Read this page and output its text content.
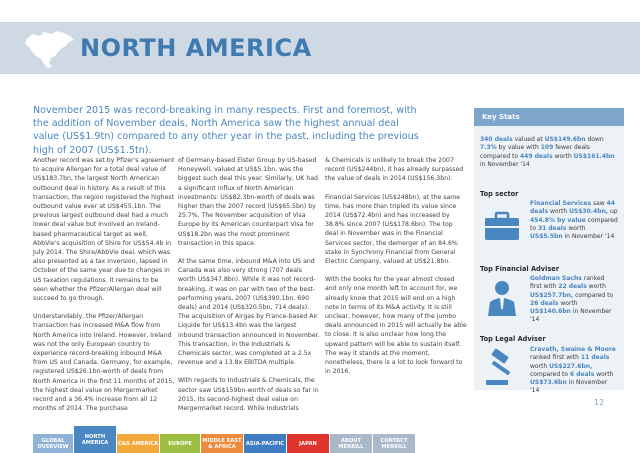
NORTH AMERICA
November 2015 was record-breaking in many respects. First and foremost, with the addition of November deals, North America saw the highest annual deal value (US$1.9tn) compared to any other year in the past, including the previous high of 2007 (US$1.5tn).

Another record was set by Pfizer's agreement to acquire Allergan for a total deal value of US$183.7bn, the largest North American outbound deal in history. As a result of this transaction, the region registered the highest outbound value ever at US$455.1bn. The previous largest outbound deal had a much lower deal value but involved an Ireland-based pharmaceutical target as well, AbbVie's acquisition of Shire for US$54.4b in July 2014. The Shire/AbbVie deal, which was also presented as a tax inversion, lapsed in October of the same year due to changes in US taxation regulations. It remains to be seen whether the Pfizer/Allergan deal will succeed to go through.

Understandably, the Pfizer/Allergan transaction has increased M&A flow from North America into Ireland. However, Ireland was not the only European country to experience record-breaking inbound M&A from US and Canada. Germany, for example, registered US$26.1bn-worth of deals from North America in the first 11 months of 2015, the highest deal value on Mergermarket record and a 36.4% increase from all 12 months of 2014. The purchase

of Germany-based Elster Group by US-based Honeywell, valued at US$5.1bn, was the biggest such deal this year. Similarly, UK had a significant influx of North American investments: US$82.3bn-worth of deals was higher than the 2007 record (US$65.5bn) by 25.7%. The November acquisition of Visa Europe by its American counterpart Visa for US$18.2bn was the most prominent transaction in this space.

At the same time, inbound M&A into US and Canada was also very strong (707 deals worth US$347.8bn). While it was not record-breaking, it was on par with two of the best-performing years, 2007 (US$390.1bn, 690 deals) and 2014 (US$320.5bn, 714 deals). The acquisition of Airgas by France-based Air Liquide for US$13.4bn was the largest inbound transaction announced in November. This transaction, in the Industrials & Chemicals sector, was completed at a 2.5x revenue and a 13.8x EBITDA multiple.

With regards to Industrials & Chemicals, the sector saw US$159bn-worth of deals so far in 2015, its second-highest deal value on Mergermarket record. While Industrials

& Chemicals is unlikely to break the 2007 record (US$244bn), it has already surpassed the value of deals in 2014 (US$156.3bn).

Financial Services (US$248bn), at the same time, has more than tripled its value since 2014 (US$72.4bn) and has increased by 38.8% since 2007 (US$178.6bn). The top deal in November was in the Financial Services sector, the demerger of an 84.6% stake in Synchrony Financial from General Electric Company, valued at US$21.8bn.

With the books for the year almost closed and only one month left to account for, we already know that 2015 will end on a high note in terms of its M&A activity. It is still unclear, however, how many of the jumbo deals announced in 2015 will actually be able to close. It is also unclear how long the upward pattern will be able to sustain itself. The way it stands at the moment, nonetheless, there is a lot to look forward to in 2016.

Key Stats
340 deals valued at US$149.6bn down 7.3% by value with 109 fewer deals compared to 449 deals worth US$161.4bn in November '14
Top sector
Financial Services saw 44 deals worth US$30.4bn, up 454.8% by value compared to 31 deals worth US$5.5bn in November '14
Top Financial Adviser
Goldman Sachs ranked first with 22 deals worth US$257.7bn, compared to 26 deals worth US$140.6bn in November '14
Top Legal Adviser
Cravath, Swaine & Moore ranked first with 11 deals worth US$227.6bn, compared to 6 deals worth US$73.6bn in November '14
12
GLOBAL OVERVIEW
NORTH AMERICA	C&S AMERICA	EUROPE	MIDDLE EAST & AFRICA	ASIA-PACIFIC	JAPAN	ABOUT MERRILL
CONTACT MERRILL
